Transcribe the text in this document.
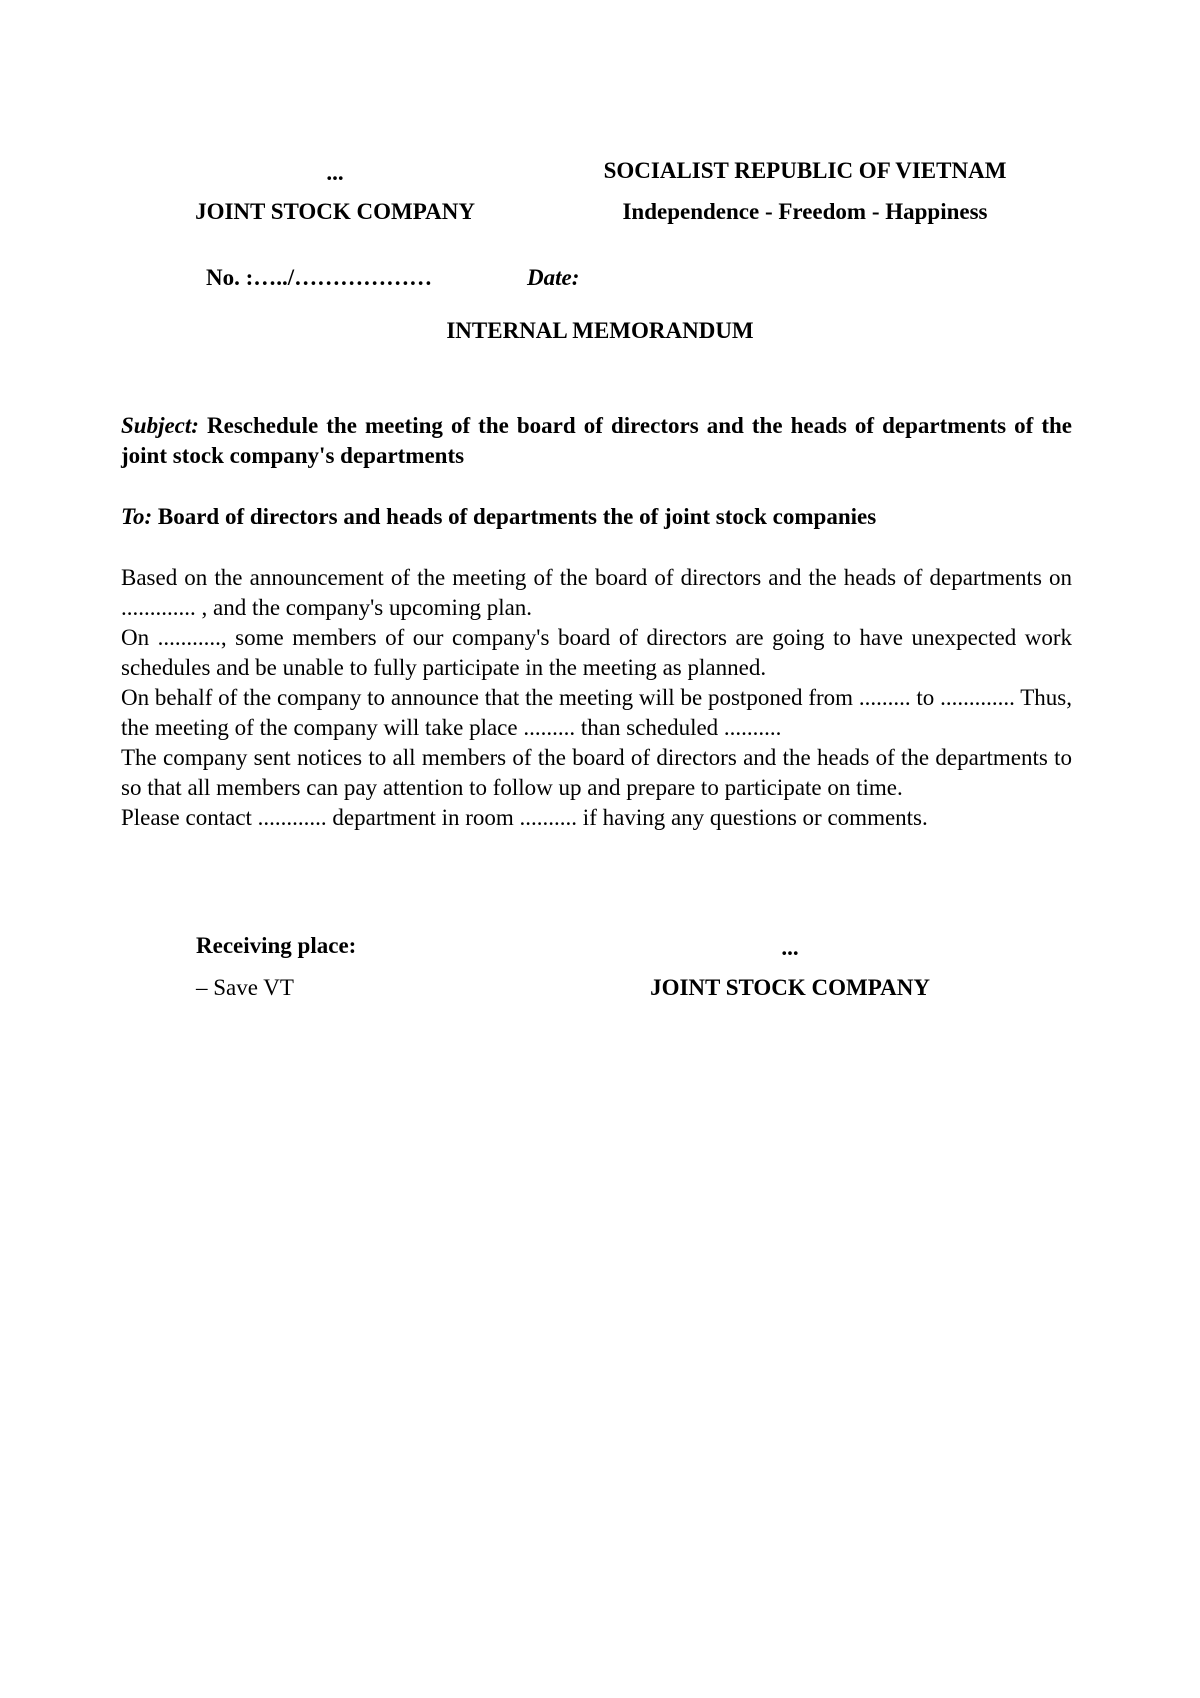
...
JOINT STOCK COMPANY
SOCIALIST REPUBLIC OF VIETNAM
Independence - Freedom - Happiness
No. :…../………………	Date:
INTERNAL MEMORANDUM
Subject: Reschedule the meeting of the board of directors and the heads of departments of the joint stock company's departments
To: Board of directors and heads of departments the of joint stock companies

Based on the announcement of the meeting of the board of directors and the heads of departments on ............. , and the company's upcoming plan.

On ..........., some members of our company's board of directors are going to have unexpected work schedules and be unable to fully participate in the meeting as planned.

On behalf of the company to announce that the meeting will be postponed from ......... to ............. Thus, the meeting of the company will take place ......... than scheduled ..........

The company sent notices to all members of the board of directors and the heads of the departments to so that all members can pay attention to follow up and prepare to participate on time.

Please contact ............ department in room .......... if having any questions or comments.

Receiving place:
– Save VT
...
JOINT STOCK COMPANY
